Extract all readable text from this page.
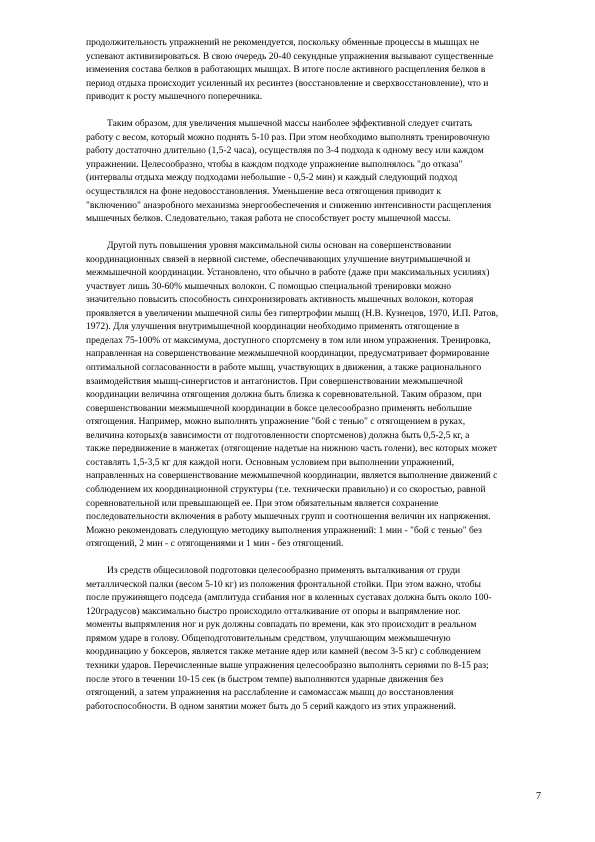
продолжительность упражнений не рекомендуется, поскольку обменные процессы в мышцах не
успевают активизироваться. В свою очередь 20-40 секундные упражнения вызывают существенные
изменения состава белков в работающих мышцах. В итоге после активного расщепления белков в
период отдыха происходит усиленный их ресинтез (восстановление и сверхвосстановление), что и
приводит к росту мышечного поперечника.
Таким образом, для увеличения мышечной массы наиболее эффективной следует считать
работу с весом, который можно поднять 5-10 раз. При этом необходимо выполнять тренировочную
работу достаточно длительно (1,5-2 часа), осуществляя по 3-4 подхода к одному весу или каждом
упражнении. Целесообразно, чтобы в каждом подходе упражнение выполнялось "до отказа"
(интервалы отдыха между подходами небольшие - 0,5-2 мин) и каждый следующий подход
осуществлялся на фоне недовосстановления. Уменьшение веса отягощения приводит к
"включению" анаэробного механизма энергообеспечения и снижению интенсивности расщепления
мышечных белков. Следовательно, такая работа не способствует росту мышечной массы.
Другой путь повышения уровня максимальной силы основан на совершенствовании
координационных связей в нервной системе, обеспечивающих улучшение внутримышечной и
межмышечной координации. Установлено, что обычно в работе (даже при максимальных усилиях)
участвует лишь 30-60% мышечных волокон. С помощью специальной тренировки можно
значительно повысить способность синхронизировать активность мышечных волокон, которая
проявляется в увеличении мышечной силы без гипертрофии мышц (Н.В. Кузнецов, 1970, И.П. Ратов,
1972). Для улучшения внутримышечной координации необходимо применять отягощение в
пределах 75-100% от максимума, доступного спортсмену в том или ином упражнения. Тренировка,
направленная на совершенствование межмышечной координации, предусматривает формирование
оптимальной согласованности в работе мышц, участвующих в движения, а также рационального
взаимодействия мышц-синергистов и антагонистов. При совершенствовании межмышечной
координации величина отягощения должна быть близка к соревновательной. Таким образом, при
совершенствовании межмышечной координации в боксе целесообразно применять небольшие
отягощения. Например, можно выполнять упражнение "бой с тенью" с отягощением в руках,
величина которых(в зависимости от подготовленности спортсменов) должна быть 0,5-2,5 кг, а
также передвижение в манжетах (отягощение надетые на нижнюю часть голени), вес которых может
составлять 1,5-3,5 кг для каждой ноги. Основным условием при выполнении упражнений,
направленных на совершенствование межмышечной координации, является выполнение движений с
соблюдением их координационной структуры (т.е. технически правильно) и со скоростью, равной
соревновательной или превышающей ее. При этом обязательным является сохранение
последовательности включения в работу мышечных групп и соотношения величин их напряжения.
Можно рекомендовать следующую методику выполнения упражнений: 1 мин - "бой с тенью" без
отягощений, 2 мин - с отягощениями и 1 мин - без отягощений.
Из средств общесиловой подготовки целесообразно применять выталкивания от груди
металлической палки (весом 5-10 кг) из положения фронтальной стойки. При этом важно, чтобы
после пружинящего подседа (амплитуда сгибания ног в коленных суставах должна быть около 100-
120градусов) максимально быстро происходило отталкивание от опоры и выпрямление ног.
моменты выпрямления ног и рук должны совпадать по времени, как это происходит в реальном
прямом ударе в голову. Общеподготовительным средством, улучшающим межмышечную
координацию у боксеров, является также метание ядер или камней (весом 3-5 кг) с соблюдением
техники ударов. Перечисленные выше упражнения целесообразно выполнять сериями по 8-15 раз;
после этого в течении 10-15 сек (в быстром темпе) выполняются ударные движения без
отягощений, а затем упражнения на расслабление и самомассаж мышц до восстановления
работоспособности. В одном занятии может быть до 5 серий каждого из этих упражнений.
7
